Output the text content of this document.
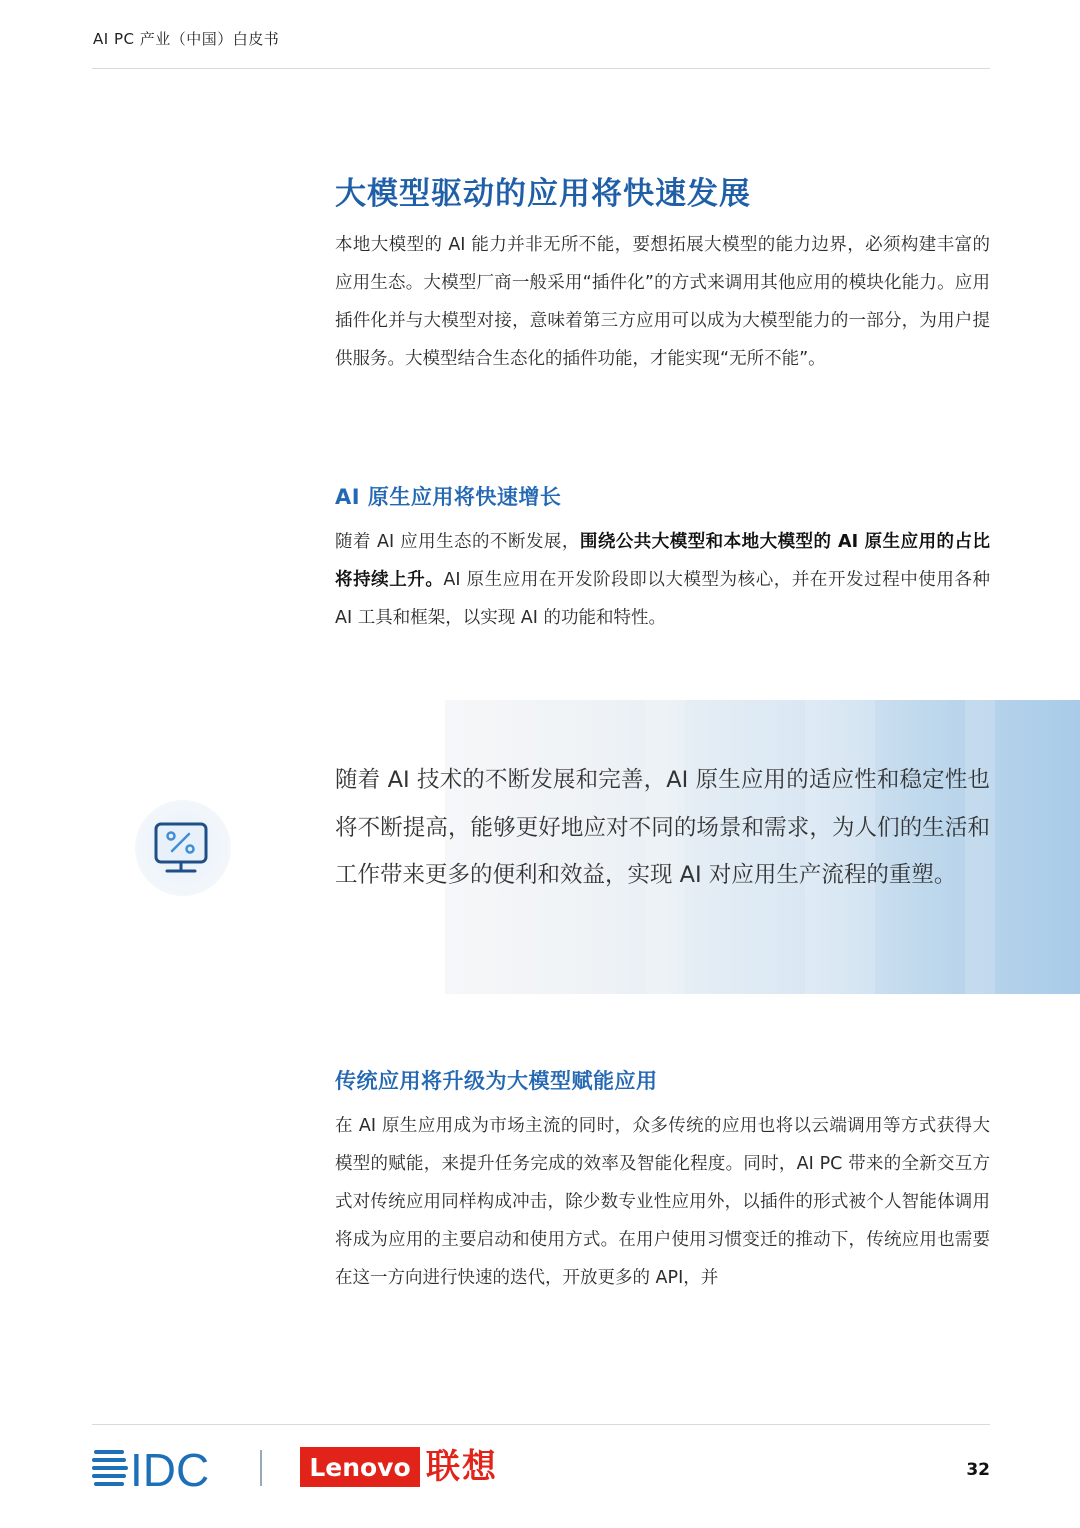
AI PC 产业（中国）白皮书
大模型驱动的应用将快速发展

本地大模型的 AI 能力并非无所不能，要想拓展大模型的能力边界，必须构建丰富的应用生态。大模型厂商一般采用“插件化”的方式来调用其他应用的模块化能力。应用插件化并与大模型对接，意味着第三方应用可以成为大模型能力的一部分，为用户提供服务。大模型结合生态化的插件功能，才能实现“无所不能”。

AI 原生应用将快速增长

随着 AI 应用生态的不断发展，围绕公共大模型和本地大模型的 AI 原生应用的占比将持续上升。AI 原生应用在开发阶段即以大模型为核心，并在开发过程中使用各种 AI 工具和框架，以实现 AI 的功能和特性。

随着 AI 技术的不断发展和完善，AI 原生应用的适应性和稳定性也将不断提高，能够更好地应对不同的场景和需求，为人们的生活和工作带来更多的便利和效益，实现 AI 对应用生产流程的重塑。

传统应用将升级为大模型赋能应用

在 AI 原生应用成为市场主流的同时，众多传统的应用也将以云端调用等方式获得大模型的赋能，来提升任务完成的效率及智能化程度。同时，AI PC 带来的全新交互方式对传统应用同样构成冲击，除少数专业性应用外，以插件的形式被个人智能体调用将成为应用的主要启动和使用方式。在用户使用习惯变迁的推动下，传统应用也需要在这一方向进行快速的迭代，开放更多的 API，并

IDC	Lenovo 联想	32
